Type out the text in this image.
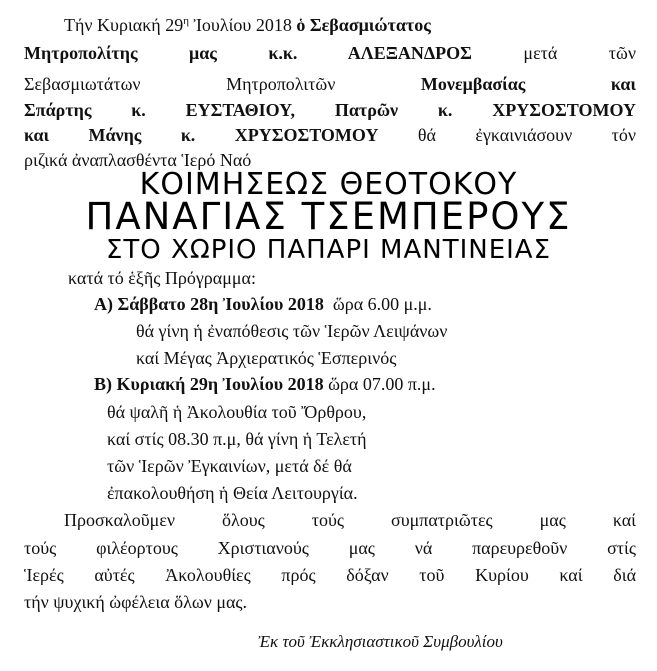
Τήν Κυριακή $29^\eta$ Ἰουλίου 2018 ὁ Σεβασμιώτατος
Μητροπολίτης μας κ.κ. ΑΛΕΞΑΝΔΡΟΣ μετά τῶν
Σεβασμιωτάτων Μητροπολιτῶν Μονεμβασίας και
Σπάρτης κ. ΕΥΣΤΑΘΙΟΥ, Πατρῶν κ. ΧΡΥΣΟΣΤΟΜΟΥ
και Μάνης κ. ΧΡΥΣΟΣΤΟΜΟΥ θά ἐγκαινιάσουν τόν
ριζικά ἀναπλασθέντα Ἱερό Ναό
ΚΟΙΜΗΣΕΩΣ ΘΕΟΤΟΚΟΥ
ΠΑΝΑΓΙΑΣ ΤΣΕΜΠΕΡΟΥΣ
ΣΤΟ ΧΩΡΙΟ ΠΑΠΑΡΙ ΜΑΝΤΙΝΕΙΑΣ
κατά τό ἑξῆς Πρόγραμμα:
Α) Σάββατο 28η Ἰουλίου 2018 ὥρα 6.00 μ.μ.
θά γίνη ἡ ἐναπόθεσις τῶν Ἱερῶν Λειψάνων
καί Μέγας Ἀρχιερατικός Ἑσπερινός
Β) Κυριακή 29η Ἰουλίου 2018 ὥρα 07.00 π.μ.
θά ψαλῆ ἡ Ἀκολουθία τοῦ Ὄρθρου,
καί στίς 08.30 π.μ, θά γίνη ἡ Τελετή
τῶν Ἱερῶν Ἐγκαινίων, μετά δέ θά
ἐπακολουθήση ἡ Θεία Λειτουργία.
Προσκαλοῦμεν ὅλους τούς συμπατριῶτες μας καί
τούς φιλέορτους Χριστιανούς μας νά παρευρεθοῦν στίς
Ἱερές αὐτές Ἀκολουθίες πρός δόξαν τοῦ Κυρίου καί διά
τήν ψυχική ὠφέλεια ὅλων μας.
Ἐκ τοῦ Ἐκκλησιαστικοῦ Συμβουλίου
